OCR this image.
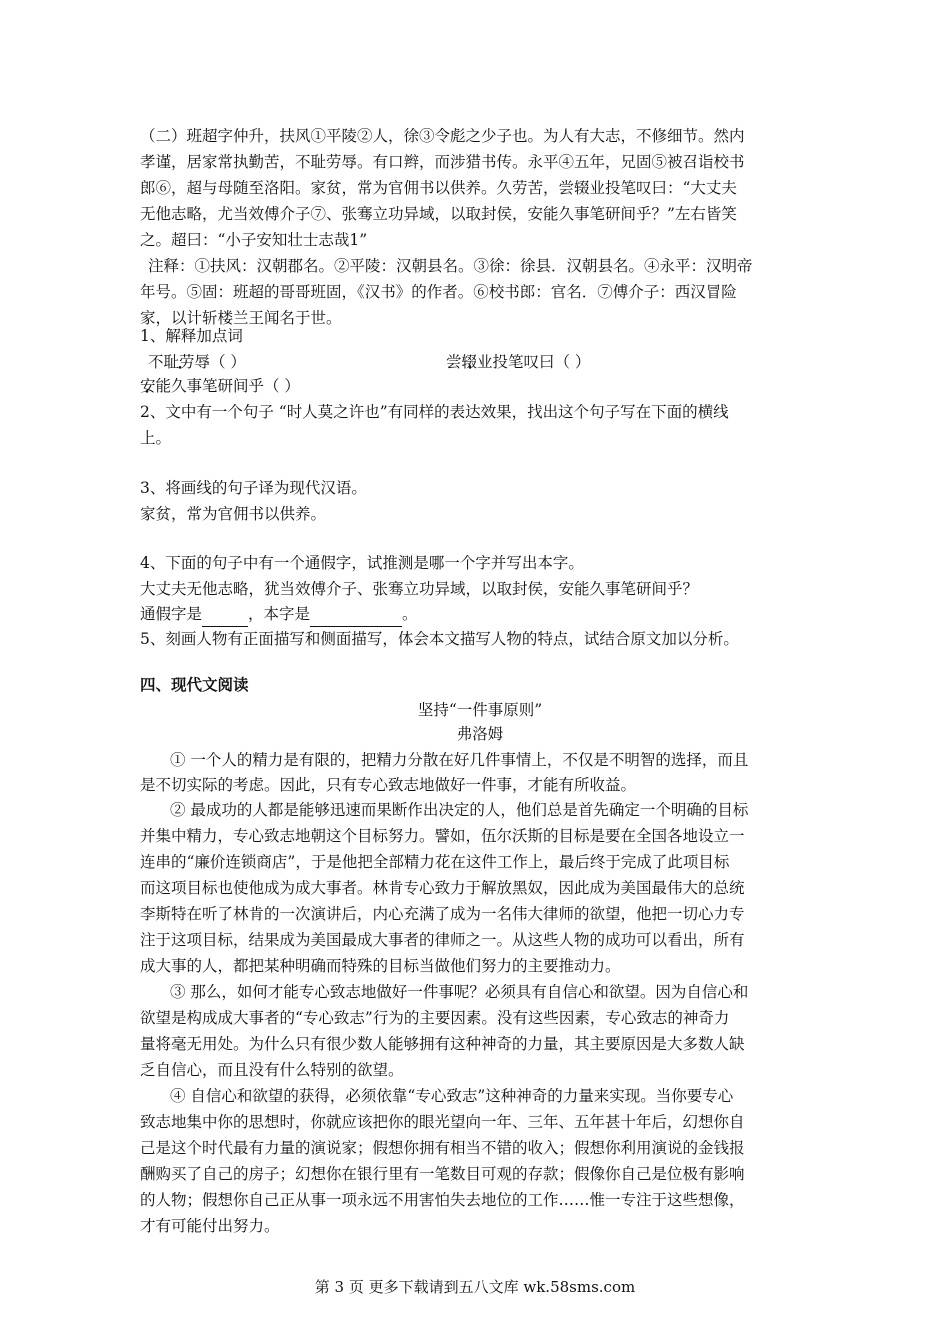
（二）班超字仲升，扶风①平陵②人，徐③令彪之少子也。为人有大志，不修细节。然内
孝谨，居家常执勤苦，不耻劳辱。有口辫，而涉猎书传。永平④五年，兄固⑤被召诣校书
郎⑥，超与母随至洛阳。家贫，常为官佣书以供养。久劳苦，尝辍业投笔叹曰：“大丈夫
无他志略，尤当效傅介子⑦、张骞立功异域，以取封侯，安能久事笔研间乎？”左右皆笑
之。超曰：“小子安知壮士志哉1”
注释：①扶风：汉朝郡名。②平陵：汉朝县名。③徐：徐县．汉朝县名。④永平：汉明帝
年号。⑤固：班超的哥哥班固，《汉书》的作者。⑥校书郎：官名．⑦傅介子：西汉冒险
家，以计斩楼兰王闻名于世。
1、解释加点词
不耻劳辱（ ）	尝辍业投笔叹曰（ ）
安能久事笔研间乎（ ）
•
•
•
2、文中有一个句子 “时人莫之许也”有同样的表达效果，找出这个句子写在下面的横线
上。
3、将画线的句子译为现代汉语。
家贫，常为官佣书以供养。
4、下面的句子中有一个通假字，试推测是哪一个字并写出本字。
大丈夫无他志略，犹当效傅介子、张骞立功异域，以取封侯，安能久事笔研间乎？
通假字是	，本字是	。
5、刻画人物有正面描写和侧面描写，体会本文描写人物的特点，试结合原文加以分析。
四、现代文阅读
坚持“一件事原则”
弗洛姆
① 一个人的精力是有限的，把精力分散在好几件事情上，不仅是不明智的选择，而且
是不切实际的考虑。因此，只有专心致志地做好一件事，才能有所收益。
② 最成功的人都是能够迅速而果断作出决定的人，他们总是首先确定一个明确的目标
并集中精力，专心致志地朝这个目标努力。譬如，伍尔沃斯的目标是要在全国各地设立一
连串的“廉价连锁商店”，于是他把全部精力花在这件工作上，最后终于完成了此项目标
而这项目标也使他成为成大事者。林肯专心致力于解放黑奴，因此成为美国最伟大的总统
李斯特在听了林肯的一次演讲后，内心充满了成为一名伟大律师的欲望，他把一切心力专
注于这项目标，结果成为美国最成大事者的律师之一。从这些人物的成功可以看出，所有
成大事的人，都把某种明确而特殊的目标当做他们努力的主要推动力。
③ 那么，如何才能专心致志地做好一件事呢？必须具有自信心和欲望。因为自信心和
欲望是构成成大事者的“专心致志”行为的主要因素。没有这些因素，专心致志的神奇力
量将毫无用处。为什么只有很少数人能够拥有这种神奇的力量，其主要原因是大多数人缺
乏自信心，而且没有什么特别的欲望。
④ 自信心和欲望的获得，必须依靠“专心致志”这种神奇的力量来实现。当你要专心
致志地集中你的思想时，你就应该把你的眼光望向一年、三年、五年甚十年后，幻想你自
己是这个时代最有力量的演说家；假想你拥有相当不错的收入；假想你利用演说的金钱报
酬购买了自己的房子；幻想你在银行里有一笔数目可观的存款；假像你自己是位极有影响
的人物；假想你自己正从事一项永远不用害怕失去地位的工作……惟一专注于这些想像，
才有可能付出努力。
第 3 页 更多下载请到五八文库 wk.58sms.com
